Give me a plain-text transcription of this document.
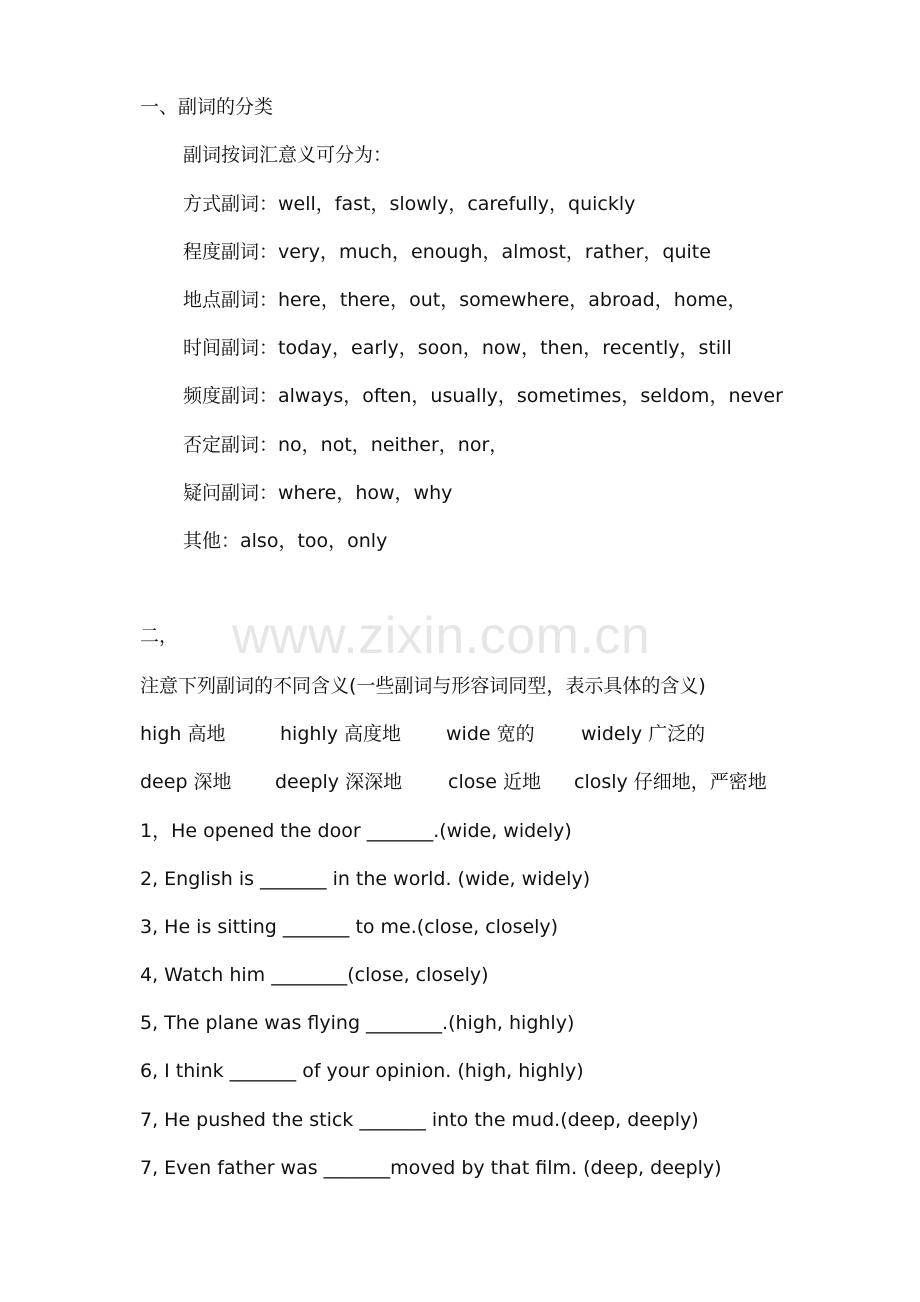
一、副词的分类
副词按词汇意义可分为：
方式副词：well，fast，slowly，carefully，quickly
程度副词：very，much，enough，almost，rather，quite
地点副词：here，there，out，somewhere，abroad，home，
时间副词：today，early，soon，now，then，recently，still
频度副词：always，often，usually，sometimes，seldom，never
否定副词：no，not，neither，nor，
疑问副词：where，how，why
其他：also，too，only
www.zixin.com.cn
二，
注意下列副词的不同含义(一些副词与形容词同型，表示具体的含义)
high 高地	highly 高度地 wide 宽的 widely 广泛的
deep 深地 deeply 深深地 close 近地 closly 仔细地，严密地
1，He opened the door _______.(wide, widely)
2, English is _______ in the world. (wide, widely)
3, He is sitting _______ to me.(close, closely)
4, Watch him ________(close, closely)
5, The plane was flying ________.(high, highly)
6, I think _______ of your opinion. (high, highly)
7, He pushed the stick _______ into the mud.(deep, deeply)
7, Even father was _______moved by that film. (deep, deeply)
